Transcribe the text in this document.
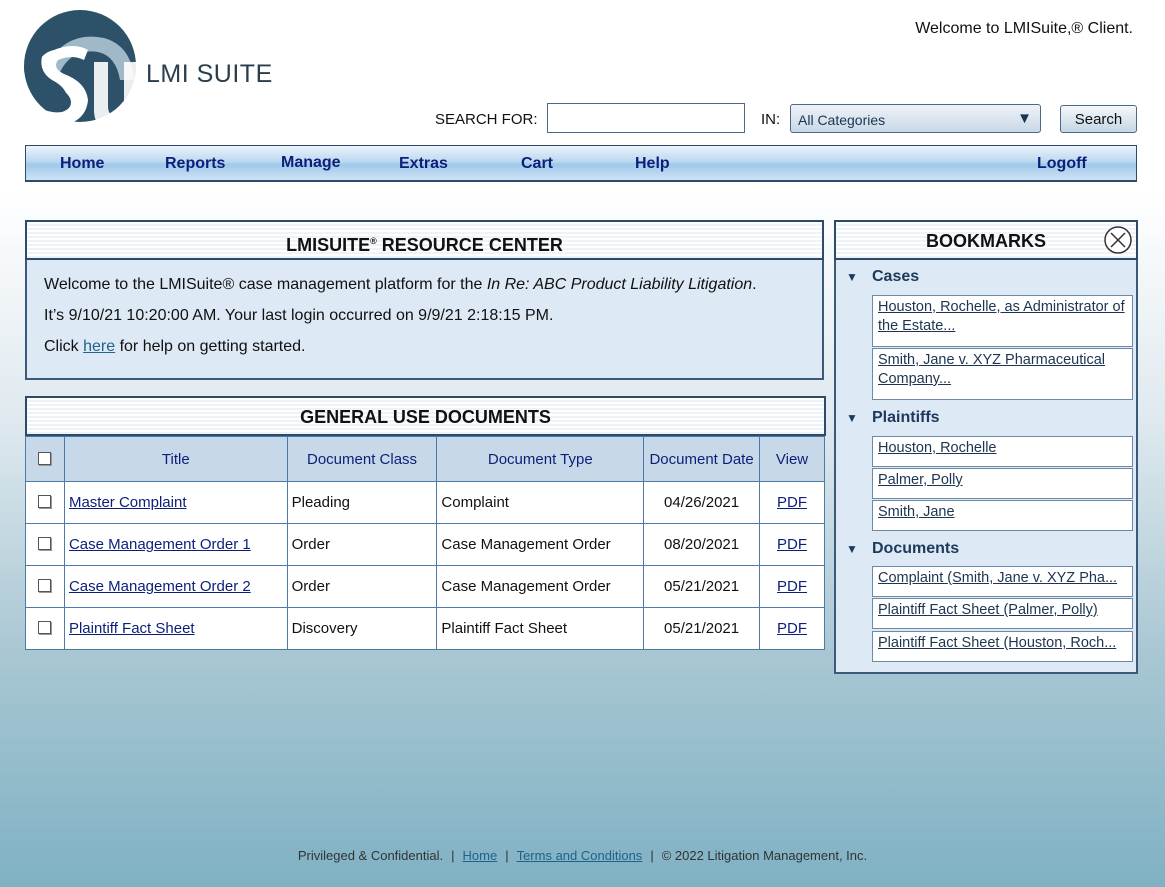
LMI SUITE
Welcome to LMISuite,® Client.
SEARCH FOR:	IN: All Categories	▼	Search
Home	Reports	Manage	Extras	Cart	Help	Logoff
LMISUITE® RESOURCE CENTER
Welcome to the LMISuite® case management platform for the In Re: ABC Product Liability Litigation.
It’s 9/10/21 10:20:00 AM. Your last login occurred on 9/9/21 2:18:15 PM.
Click here for help on getting started.
GENERAL USE DOCUMENTS
	Title	Document Class	Document Type	Document Date	View
	Master Complaint	Pleading	Complaint	04/26/2021	PDF
	Case Management Order 1	Order	Case Management Order	08/20/2021	PDF
	Case Management Order 2	Order	Case Management Order	05/21/2021	PDF
	Plaintiff Fact Sheet	Discovery	Plaintiff Fact Sheet	05/21/2021	PDF
BOOKMARKS
▼ Cases
Houston, Rochelle, as Administrator of the Estate...
Smith, Jane v. XYZ Pharmaceutical Company...
▼ Plaintiffs
Houston, Rochelle
Palmer, Polly
Smith, Jane
▼ Documents
Complaint (Smith, Jane v. XYZ Pha...
Plaintiff Fact Sheet (Palmer, Polly)
Plaintiff Fact Sheet (Houston, Roch...
Privileged & Confidential. | Home | Terms and Conditions | © 2022 Litigation Management, Inc.
